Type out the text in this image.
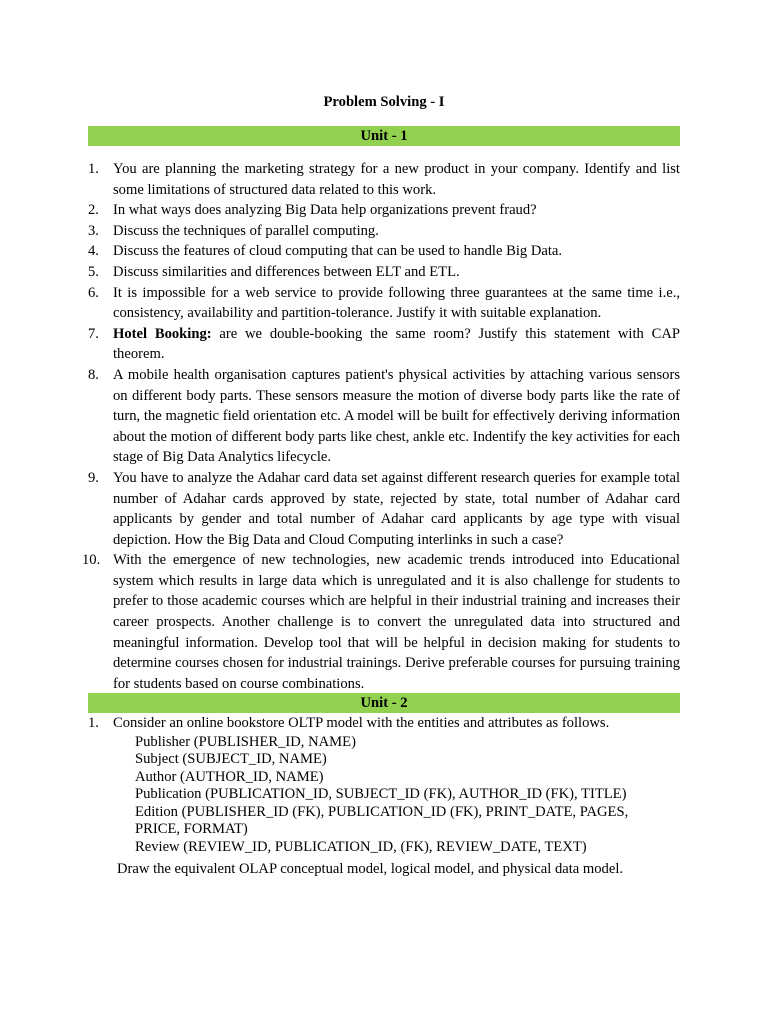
Problem Solving - I
Unit - 1
1. You are planning the marketing strategy for a new product in your company. Identify and list some limitations of structured data related to this work.
2. In what ways does analyzing Big Data help organizations prevent fraud?
3. Discuss the techniques of parallel computing.
4. Discuss the features of cloud computing that can be used to handle Big Data.
5. Discuss similarities and differences between ELT and ETL.
6. It is impossible for a web service to provide following three guarantees at the same time i.e., consistency, availability and partition-tolerance. Justify it with suitable explanation.
7. Hotel Booking: are we double-booking the same room? Justify this statement with CAP theorem.
8. A mobile health organisation captures patient's physical activities by attaching various sensors on different body parts. These sensors measure the motion of diverse body parts like the rate of turn, the magnetic field orientation etc. A model will be built for effectively deriving information about the motion of different body parts like chest, ankle etc. Indentify the key activities for each stage of Big Data Analytics lifecycle.
9. You have to analyze the Adahar card data set against different research queries for example total number of Adahar cards approved by state, rejected by state, total number of Adahar card applicants by gender and total number of Adahar card applicants by age type with visual depiction. How the Big Data and Cloud Computing interlinks in such a case?
10. With the emergence of new technologies, new academic trends introduced into Educational system which results in large data which is unregulated and it is also challenge for students to prefer to those academic courses which are helpful in their industrial training and increases their career prospects. Another challenge is to convert the unregulated data into structured and meaningful information. Develop tool that will be helpful in decision making for students to determine courses chosen for industrial trainings. Derive preferable courses for pursuing training for students based on course combinations.
Unit - 2
1. Consider an online bookstore OLTP model with the entities and attributes as follows.
Publisher (PUBLISHER_ID, NAME)
Subject (SUBJECT_ID, NAME)
Author (AUTHOR_ID, NAME)
Publication (PUBLICATION_ID, SUBJECT_ID (FK), AUTHOR_ID (FK), TITLE)
Edition (PUBLISHER_ID (FK), PUBLICATION_ID (FK), PRINT_DATE, PAGES,
PRICE, FORMAT)
Review (REVIEW_ID, PUBLICATION_ID, (FK), REVIEW_DATE, TEXT)
Draw the equivalent OLAP conceptual model, logical model, and physical data model.
